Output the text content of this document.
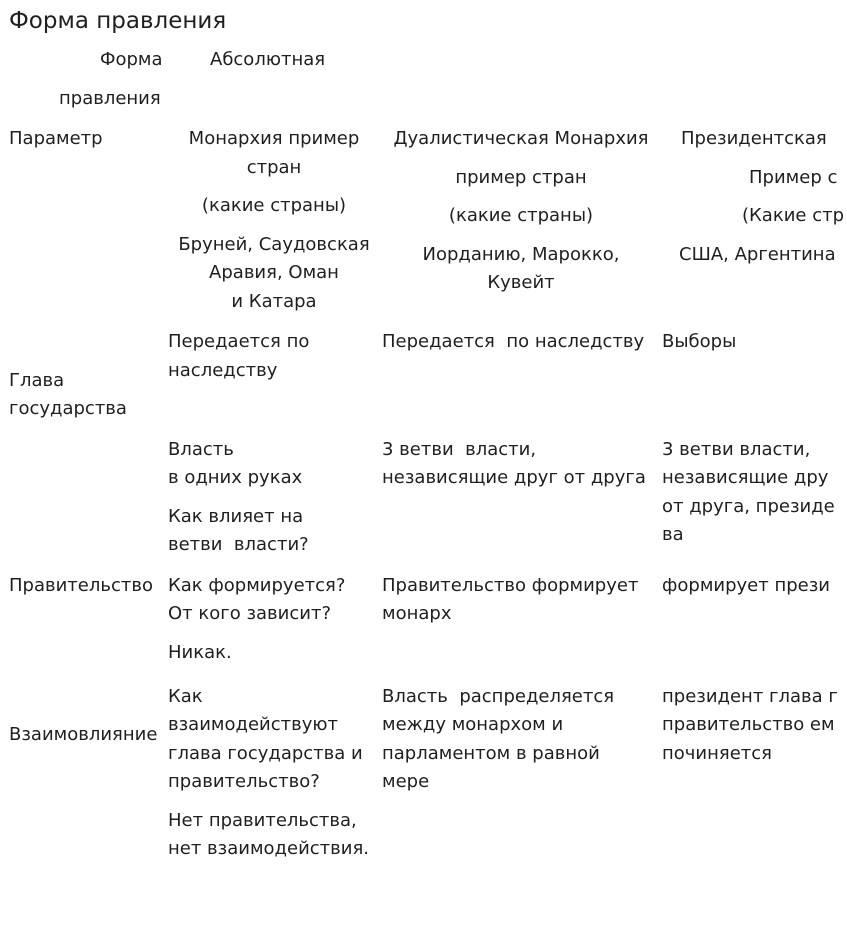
Форма правления
Форма	Абсолютная
правления
Параметр	Монархия пример
стран
(какие страны)
Бруней, Саудовская
Аравия, Оман
и Катара
Дуалистическая Монархия
пример стран
(какие страны)
Иорданию, Марокко,
Кувейт
Президентская
Пример с
(Какие стр
США, Аргентина
Глава
государства
Передается по
наследству
Передается  по наследству Выборы
Власть
в одних руках
Как влияет на
ветви  власти?
3 ветви  власти,
независящие друг от друга
3 ветви власти,
независящие дру
от друга, президе
ва
Правительство Как формируется?
От кого зависит?
Никак.
Правительство формирует
монарх
формирует прези
Взаимовлияние
Как
взаимодействуют
глава государства и
правительство?
Нет правительства,
нет взаимодействия.
Власть  распределяется
между монархом и
парламентом в равной
мере
президент глава г
правительство ем
починяется
